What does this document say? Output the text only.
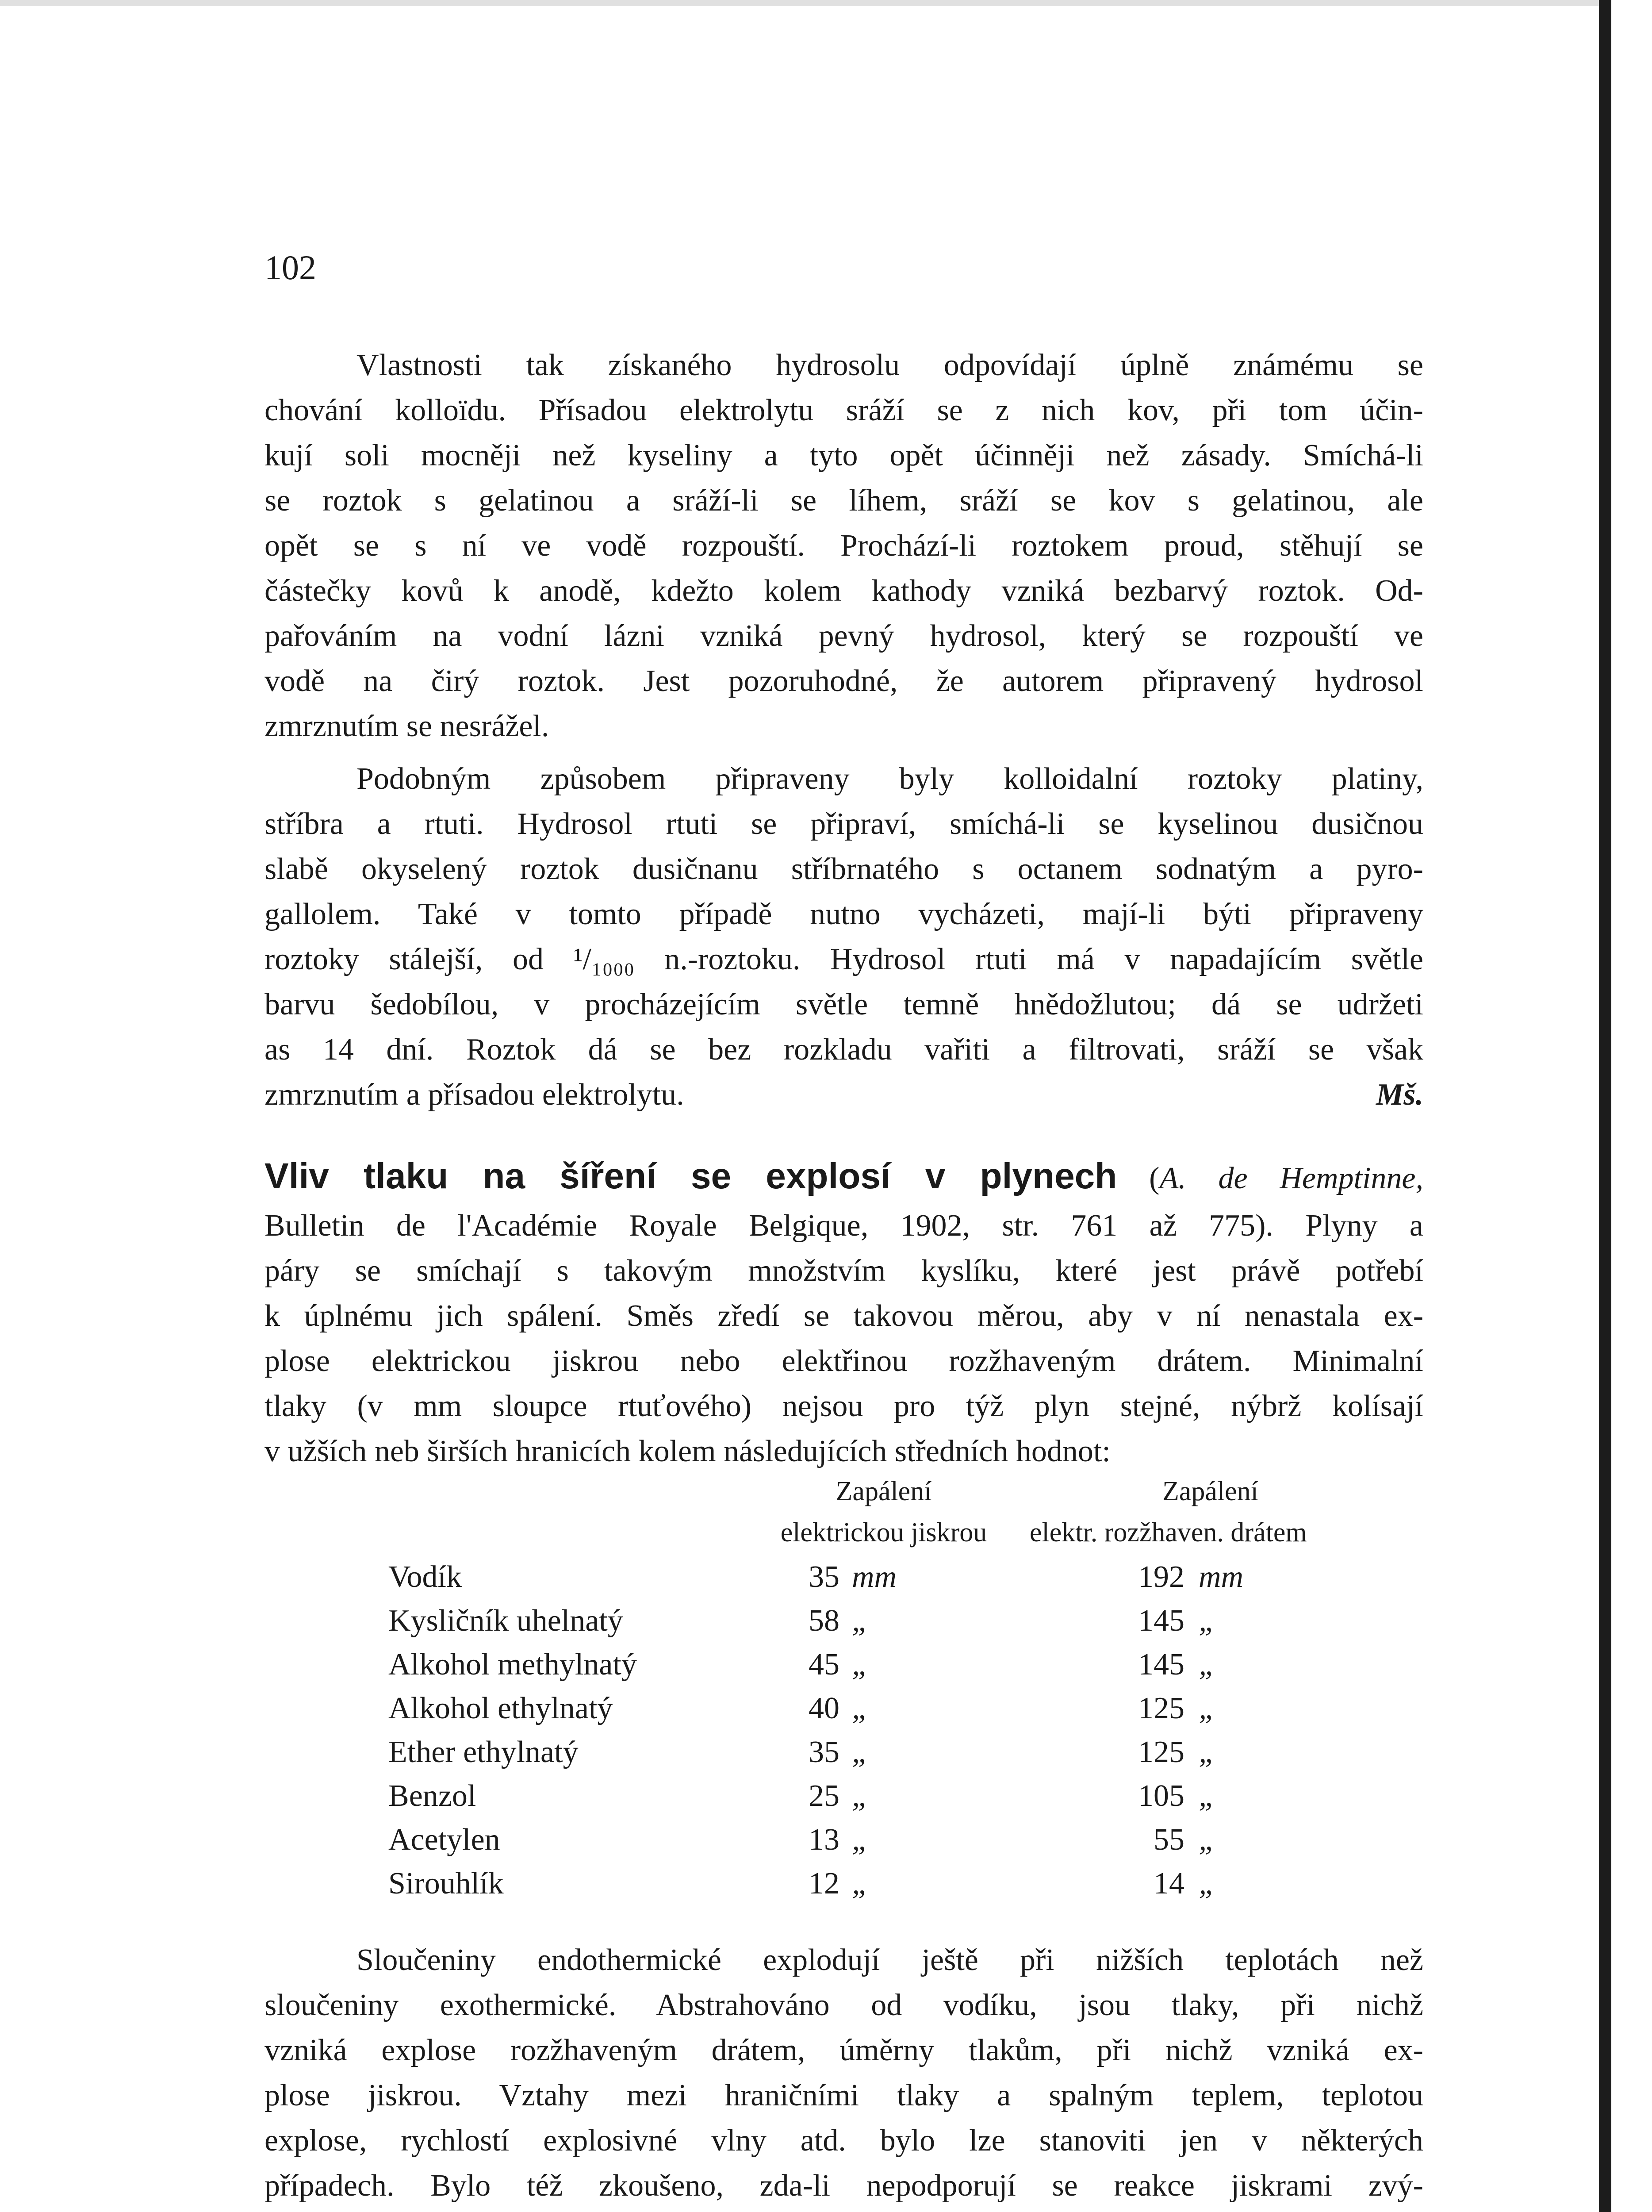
102
Vlastnosti tak získaného hydrosolu odpovídají úplně známému se
chování kolloïdu. Přísadou elektrolytu sráží se z nich kov, při tom účin-
kují soli mocněji než kyseliny a tyto opět účinněji než zásady. Smíchá-li
se roztok s gelatinou a sráží-li se líhem, sráží se kov s gelatinou, ale
opět se s ní ve vodě rozpouští. Prochází-li roztokem proud, stěhují se
částečky kovů k anodě, kdežto kolem kathody vzniká bezbarvý roztok. Od-
pařováním na vodní lázni vzniká pevný hydrosol, který se rozpouští ve
vodě na čirý roztok. Jest pozoruhodné, že autorem připravený hydrosol
zmrznutím se nesrážel.
Podobným způsobem připraveny byly kolloidalní roztoky platiny,
stříbra a rtuti. Hydrosol rtuti se připraví, smíchá-li se kyselinou dusičnou
slabě okyselený roztok dusičnanu stříbrnatého s octanem sodnatým a pyro-
gallolem. Také v tomto případě nutno vycházeti, mají-li býti připraveny
roztoky stálejší, od ¹/₁₀₀₀ n.-roztoku. Hydrosol rtuti má v napadajícím světle
barvu šedobílou, v procházejícím světle temně hnědožlutou; dá se udržeti
as 14 dní. Roztok dá se bez rozkladu vařiti a filtrovati, sráží se však
zmrznutím a přísadou elektrolytu.	Mš.
Vliv tlaku na šíření se explosí v plynech (A. de Hemptinne,
Bulletin de l'Académie Royale Belgique, 1902, str. 761 až 775). Plyny a
páry se smíchají s takovým množstvím kyslíku, které jest právě potřebí
k úplnému jich spálení. Směs zředí se takovou měrou, aby v ní nenastala ex-
plose elektrickou jiskrou nebo elektřinou rozžhaveným drátem. Minimalní
tlaky (v mm sloupce rtuťového) nejsou pro týž plyn stejné, nýbrž kolísají
v užších neb širších hranicích kolem následujících středních hodnot:
Zapálení
elektrickou jiskrou
Zapálení
elektr. rozžhaven. drátem
Vodík	35 mm	192 mm
Kysličník uhelnatý	58 „	145 „
Alkohol methylnatý	45 „	145 „
Alkohol ethylnatý	40 „	125 „
Ether ethylnatý	35 „	125 „
Benzol	25 „	105 „
Acetylen	13 „	55 „
Sirouhlík	12 „	14 „
Sloučeniny endothermické explodují ještě při nižších teplotách než
sloučeniny exothermické. Abstrahováno od vodíku, jsou tlaky, při nichž
vzniká explose rozžhaveným drátem, úměrny tlakům, při nichž vzniká ex-
plose jiskrou. Vztahy mezi hraničními tlaky a spalným teplem, teplotou
explose, rychlostí explosivné vlny atd. bylo lze stanoviti jen v některých
případech. Bylo též zkoušeno, zda-li nepodporují se reakce jiskrami zvý-
